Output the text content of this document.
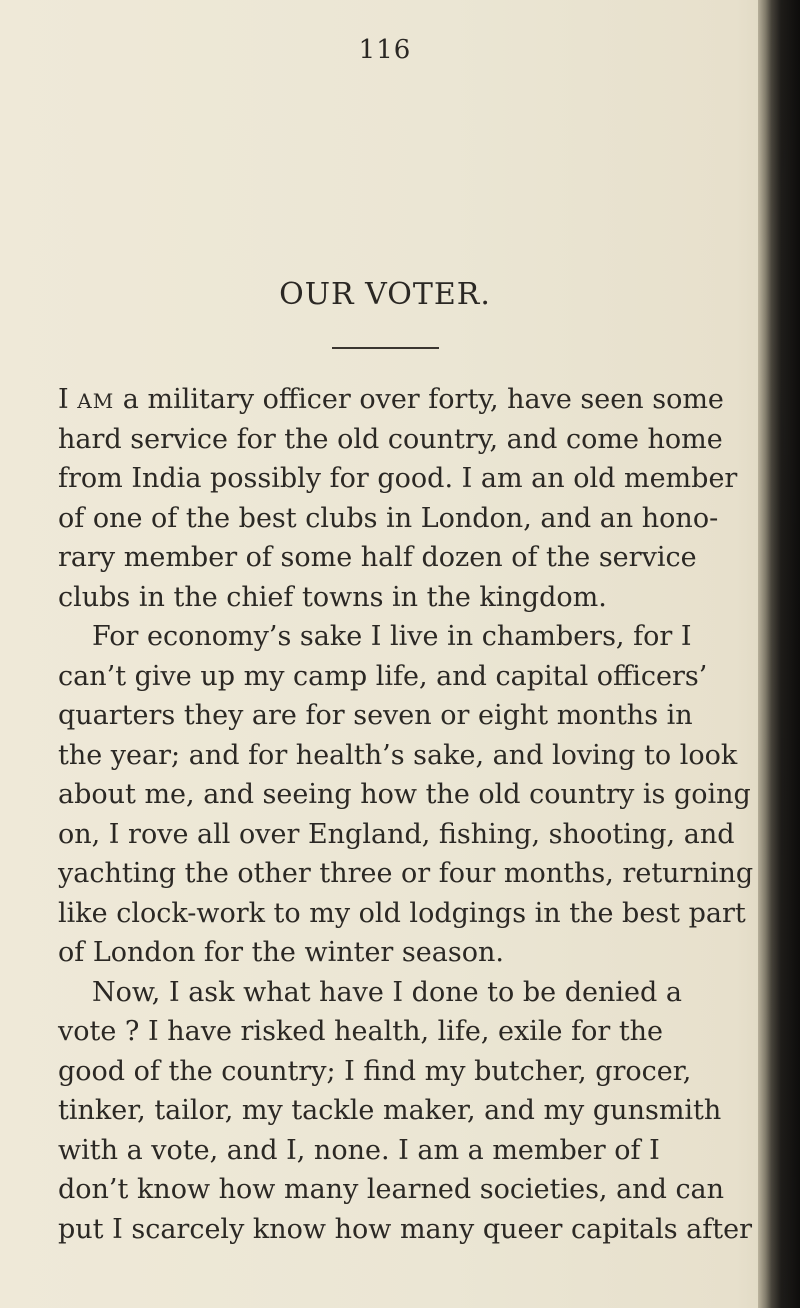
116
OUR VOTER.
I AM a military officer over forty, have seen some
hard service for the old country, and come home
from India possibly for good. I am an old member
of one of the best clubs in London, and an hono-
rary member of some half dozen of the service
clubs in the chief towns in the kingdom.
For economy’s sake I live in chambers, for I
can’t give up my camp life, and capital officers’
quarters they are for seven or eight months in
the year; and for health’s sake, and loving to look
about me, and seeing how the old country is going
on, I rove all over England, fishing, shooting, and
yachting the other three or four months, returning
like clock-work to my old lodgings in the best part
of London for the winter season.
Now, I ask what have I done to be denied a
vote ? I have risked health, life, exile for the
good of the country; I find my butcher, grocer,
tinker, tailor, my tackle maker, and my gunsmith
with a vote, and I, none. I am a member of I
don’t know how many learned societies, and can
put I scarcely know how many queer capitals after
